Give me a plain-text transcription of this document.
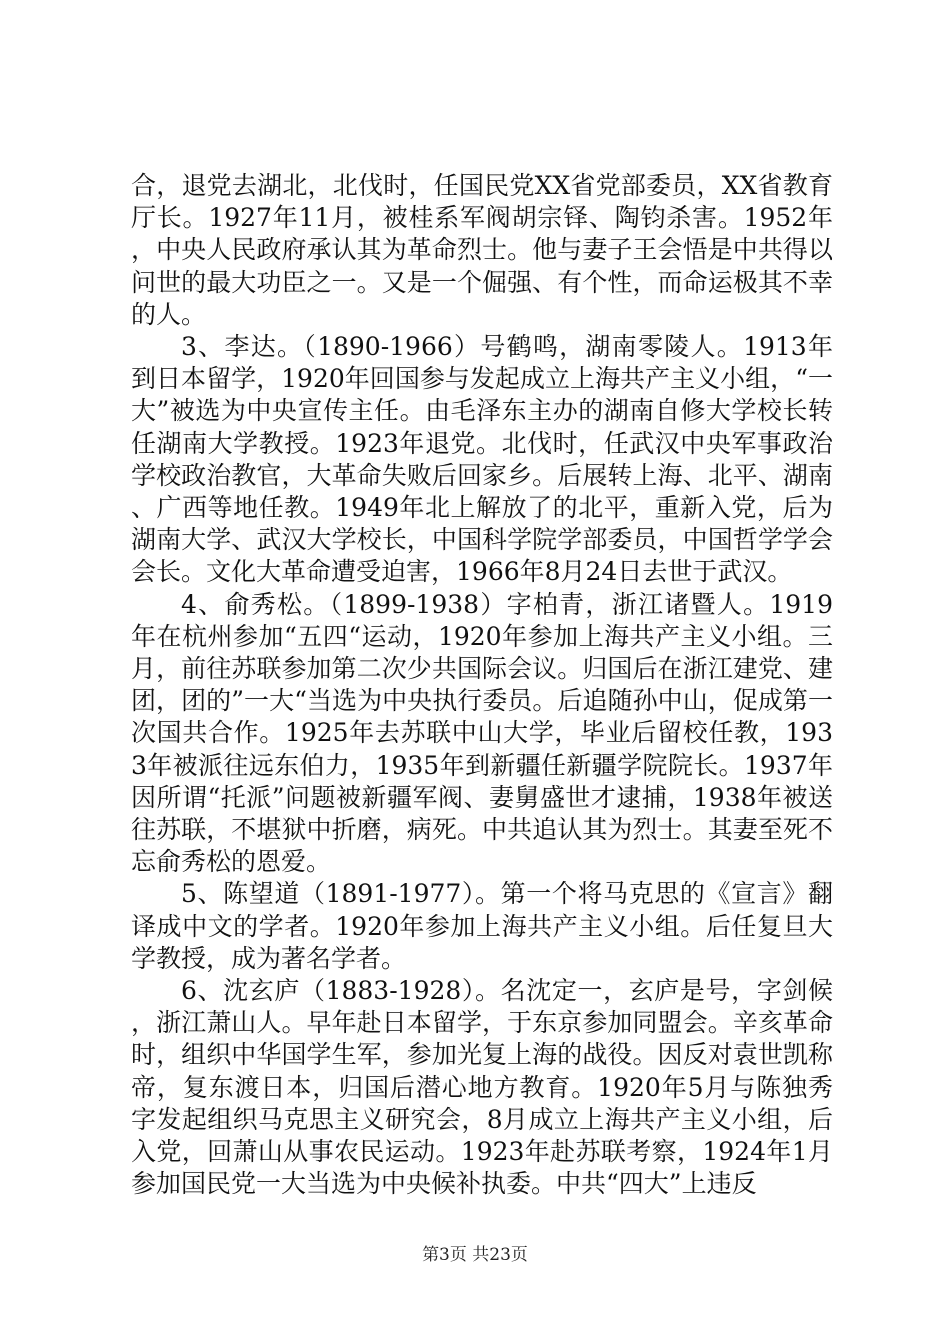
合，退党去湖北，北伐时，任国民党XX省党部委员，XX省教育厅长。1927年11月，被桂系军阀胡宗铎、陶钧杀害。1952年，中央人民政府承认其为革命烈士。他与妻子王会悟是中共得以问世的最大功臣之一。又是一个倔强、有个性，而命运极其不幸的人。

3、李达。（1890-1966）号鹤鸣，湖南零陵人。1913年到日本留学，1920年回国参与发起成立上海共产主义小组，“一大”被选为中央宣传主任。由毛泽东主办的湖南自修大学校长转任湖南大学教授。1923年退党。北伐时，任武汉中央军事政治学校政治教官，大革命失败后回家乡。后展转上海、北平、湖南、广西等地任教。1949年北上解放了的北平，重新入党，后为湖南大学、武汉大学校长，中国科学院学部委员，中国哲学学会会长。文化大革命遭受迫害，1966年8月24日去世于武汉。

4、俞秀松。（1899-1938）字柏青，浙江诸暨人。1919年在杭州参加“五四“运动，1920年参加上海共产主义小组。三月，前往苏联参加第二次少共国际会议。归国后在浙江建党、建团，团的”一大“当选为中央执行委员。后追随孙中山，促成第一次国共合作。1925年去苏联中山大学，毕业后留校任教，1933年被派往远东伯力，1935年到新疆任新疆学院院长。1937年因所谓“托派”问题被新疆军阀、妻舅盛世才逮捕，1938年被送往苏联，不堪狱中折磨，病死。中共追认其为烈士。其妻至死不忘俞秀松的恩爱。

5、陈望道（1891-1977）。第一个将马克思的《宣言》翻译成中文的学者。1920年参加上海共产主义小组。后任复旦大学教授，成为著名学者。

6、沈玄庐（1883-1928）。名沈定一，玄庐是号，字剑候，浙江萧山人。早年赴日本留学，于东京参加同盟会。辛亥革命时，组织中华国学生军，参加光复上海的战役。因反对袁世凯称帝，复东渡日本，归国后潜心地方教育。1920年5月与陈独秀字发起组织马克思主义研究会，8月成立上海共产主义小组，后入党，回萧山从事农民运动。1923年赴苏联考察，1924年1月参加国民党一大当选为中央候补执委。中共“四大”上违反

第3页 共23页
